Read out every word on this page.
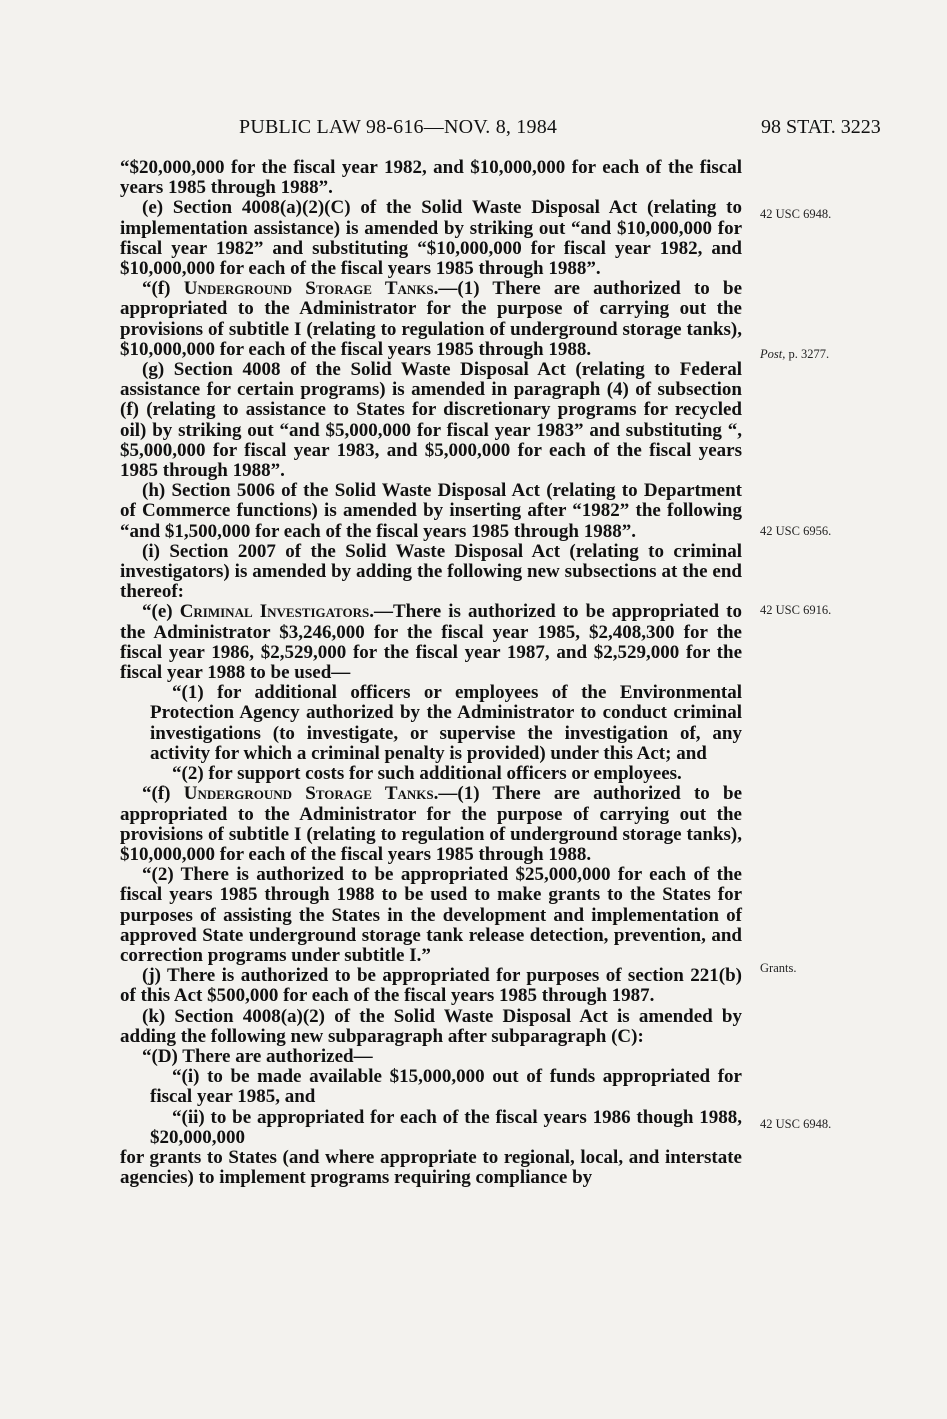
PUBLIC LAW 98-616—NOV. 8, 1984	98 STAT. 3223

“$20,000,000 for the fiscal year 1982, and $10,000,000 for each of the fiscal years 1985 through 1988”.

(e) Section 4008(a)(2)(C) of the Solid Waste Disposal Act (relating to implementation assistance) is amended by striking out “and $10,000,000 for fiscal year 1982” and substituting “$10,000,000 for fiscal year 1982, and $10,000,000 for each of the fiscal years 1985 through 1988”.

“(f) Underground Storage Tanks.—(1) There are authorized to be appropriated to the Administrator for the purpose of carrying out the provisions of subtitle I (relating to regulation of underground storage tanks), $10,000,000 for each of the fiscal years 1985 through 1988.

(g) Section 4008 of the Solid Waste Disposal Act (relating to Federal assistance for certain programs) is amended in paragraph (4) of subsection (f) (relating to assistance to States for discretionary programs for recycled oil) by striking out “and $5,000,000 for fiscal year 1983” and substituting “, $5,000,000 for fiscal year 1983, and $5,000,000 for each of the fiscal years 1985 through 1988”.

(h) Section 5006 of the Solid Waste Disposal Act (relating to Department of Commerce functions) is amended by inserting after “1982” the following “and $1,500,000 for each of the fiscal years 1985 through 1988”.

(i) Section 2007 of the Solid Waste Disposal Act (relating to criminal investigators) is amended by adding the following new subsections at the end thereof:

“(e) Criminal Investigators.—There is authorized to be appropriated to the Administrator $3,246,000 for the fiscal year 1985, $2,408,300 for the fiscal year 1986, $2,529,000 for the fiscal year 1987, and $2,529,000 for the fiscal year 1988 to be used—

“(1) for additional officers or employees of the Environmental Protection Agency authorized by the Administrator to conduct criminal investigations (to investigate, or supervise the investigation of, any activity for which a criminal penalty is provided) under this Act; and

“(2) for support costs for such additional officers or employees.

“(f) Underground Storage Tanks.—(1) There are authorized to be appropriated to the Administrator for the purpose of carrying out the provisions of subtitle I (relating to regulation of underground storage tanks), $10,000,000 for each of the fiscal years 1985 through 1988.

“(2) There is authorized to be appropriated $25,000,000 for each of the fiscal years 1985 through 1988 to be used to make grants to the States for purposes of assisting the States in the development and implementation of approved State underground storage tank release detection, prevention, and correction programs under subtitle I.”

(j) There is authorized to be appropriated for purposes of section 221(b) of this Act $500,000 for each of the fiscal years 1985 through 1987.

(k) Section 4008(a)(2) of the Solid Waste Disposal Act is amended by adding the following new subparagraph after subparagraph (C):

“(D) There are authorized—

“(i) to be made available $15,000,000 out of funds appropriated for fiscal year 1985, and

“(ii) to be appropriated for each of the fiscal years 1986 though 1988, $20,000,000

for grants to States (and where appropriate to regional, local, and interstate agencies) to implement programs requiring compliance by

42 USC 6948.
Post, p. 3277.
42 USC 6956.
42 USC 6916.
Grants.
42 USC 6948.
